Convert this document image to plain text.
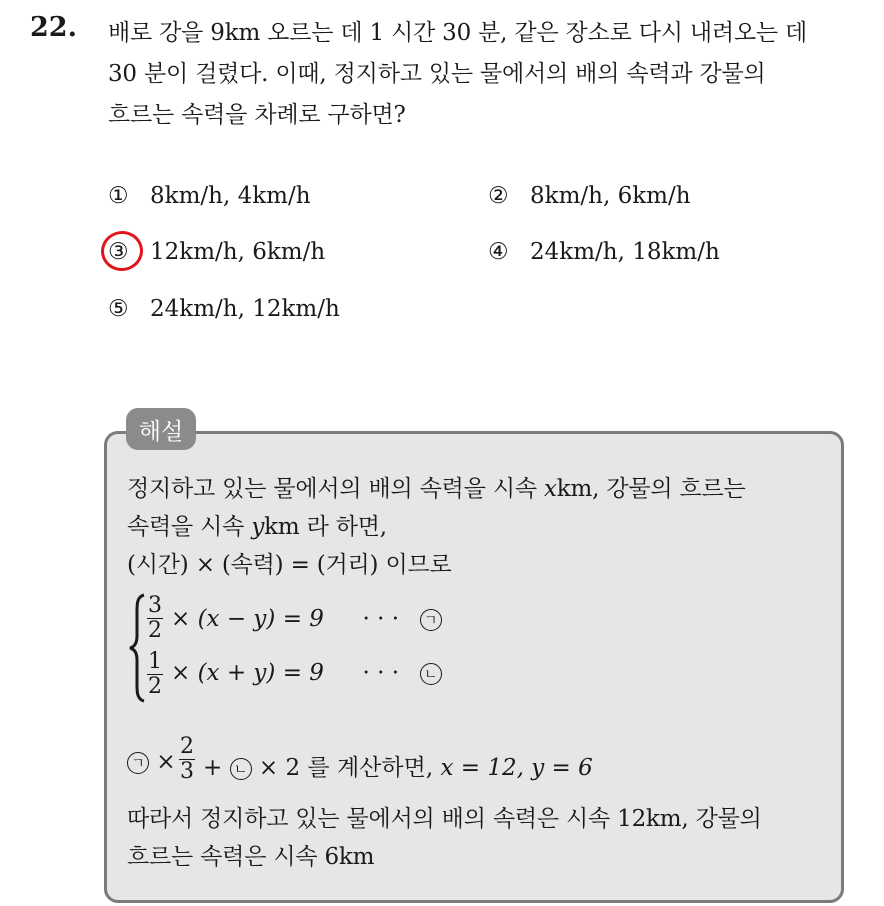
22. 배로 강을 9km 오르는 데 1 시간 30 분, 같은 장소로 다시 내려오는 데
30 분이 걸렸다. 이때, 정지하고 있는 물에서의 배의 속력과 강물의
흐르는 속력을 차례로 구하면?
① 8km/h, 4km/h	② 8km/h, 6km/h
③ 12km/h, 6km/h	④ 24km/h, 18km/h
⑤ 24km/h, 12km/h
해설
정지하고 있는 물에서의 배의 속력을 시속 xkm, 강물의 흐르는
속력을 시속 ykm 라 하면,
(시간) × (속력) = (거리) 이므로
3
2 × (x − y) = 9 · · · ㄱ
1
2
× (x + y) = 9 · · · ㄴ
ㄱ ×
2
3 + ㄴ × 2 를 계산하면, x = 12, y = 6
따라서 정지하고 있는 물에서의 배의 속력은 시속 12km, 강물의
흐르는 속력은 시속 6km
